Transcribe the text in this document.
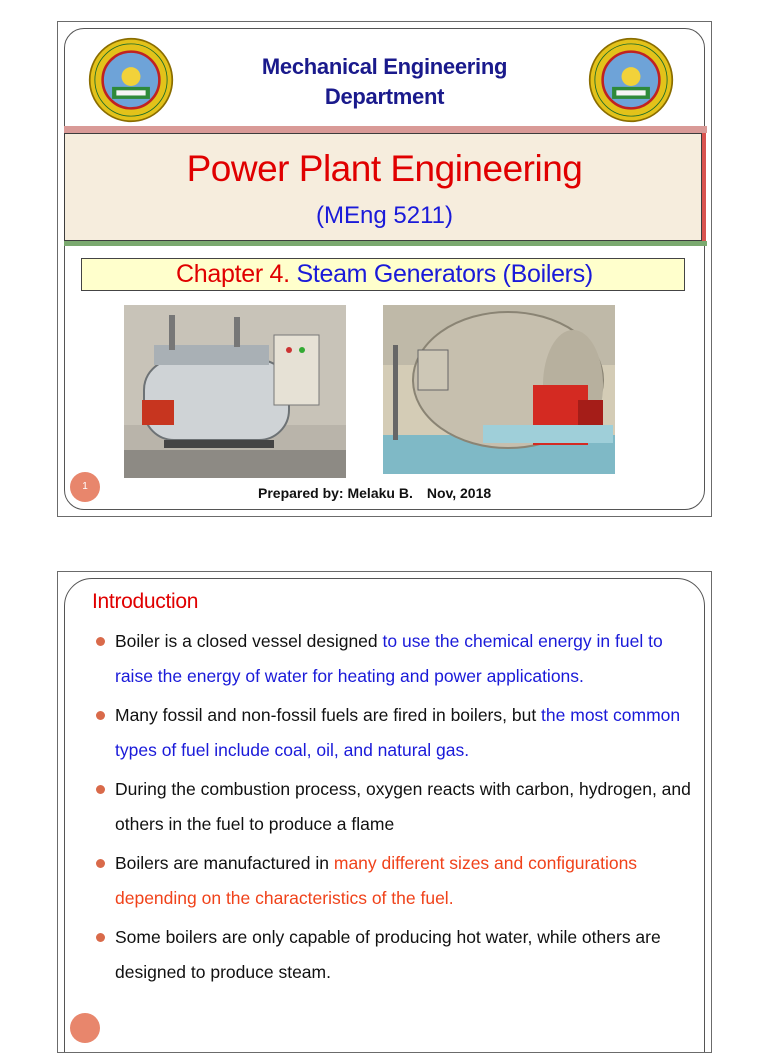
Mechanical Engineering
Department
Power Plant Engineering
(MEng 5211)
Chapter 4. Steam Generators (Boilers)
1	Prepared by: Melaku B. Nov, 2018
Introduction
Boiler is a closed vessel designed to use the chemical energy in fuel to raise the energy of water for heating and power applications.
Many fossil and non-fossil fuels are fired in boilers, but the most common types of fuel include coal, oil, and natural gas.
During the combustion process, oxygen reacts with carbon, hydrogen, and others in the fuel to produce a flame
Boilers are manufactured in many different sizes and configurations depending on the characteristics of the fuel.
Some boilers are only capable of producing hot water, while others are designed to produce steam.
